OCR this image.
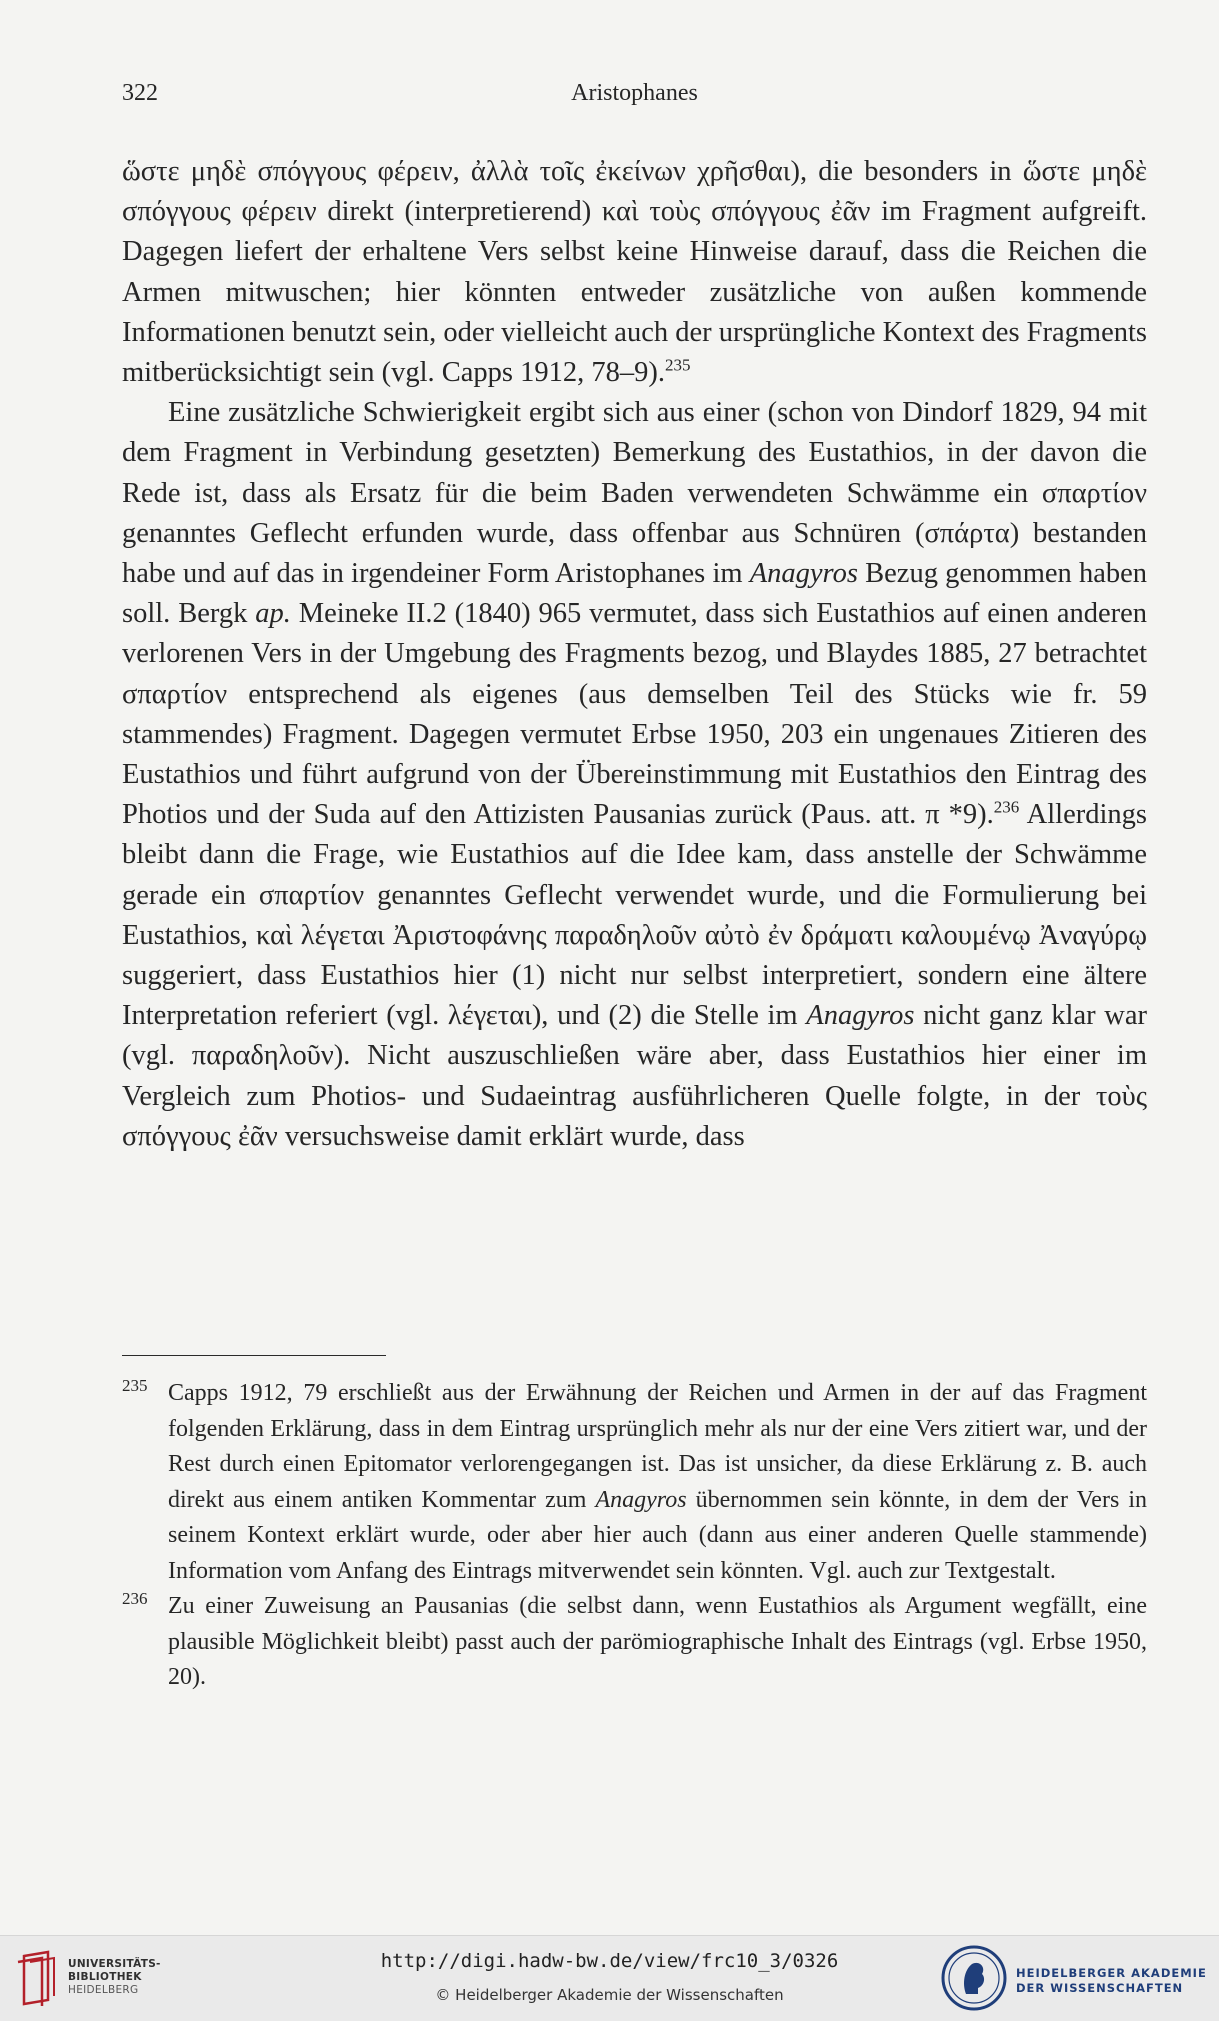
322	Aristophanes

ὥστε μηδὲ σπόγγους φέρειν, ἀλλὰ τοῖς ἐκείνων χρῆσθαι), die besonders in ὥστε μηδὲ σπόγγους φέρειν direkt (interpretierend) καὶ τοὺς σπόγγους ἐᾶν im Fragment aufgreift. Dagegen liefert der erhaltene Vers selbst keine Hinweise darauf, dass die Reichen die Armen mitwuschen; hier könnten entweder zusätzliche von außen kommende Informationen benutzt sein, oder vielleicht auch der ursprüngliche Kontext des Fragments mitberücksichtigt sein (vgl. Capps 1912, 78–9).$^{235}$

Eine zusätzliche Schwierigkeit ergibt sich aus einer (schon von Dindorf 1829, 94 mit dem Fragment in Verbindung gesetzten) Bemerkung des Eustathios, in der davon die Rede ist, dass als Ersatz für die beim Baden verwendeten Schwämme ein σπαρτίον genanntes Geflecht erfunden wurde, dass offenbar aus Schnüren (σπάρτα) bestanden habe und auf das in irgendeiner Form Aristophanes im Anagyros Bezug genommen haben soll. Bergk ap. Meineke II.2 (1840) 965 vermutet, dass sich Eustathios auf einen anderen verlorenen Vers in der Umgebung des Fragments bezog, und Blaydes 1885, 27 betrachtet σπαρτίον entsprechend als eigenes (aus demselben Teil des Stücks wie fr. 59 stammendes) Fragment. Dagegen vermutet Erbse 1950, 203 ein ungenaues Zitieren des Eustathios und führt aufgrund von der Übereinstimmung mit Eustathios den Eintrag des Photios und der Suda auf den Attizisten Pausanias zurück (Paus. att. π *9).$^{236}$ Allerdings bleibt dann die Frage, wie Eustathios auf die Idee kam, dass anstelle der Schwämme gerade ein σπαρτίον genanntes Geflecht verwendet wurde, und die Formulierung bei Eustathios, καὶ λέγεται Ἀριστοφάνης παραδηλοῦν αὐτὸ ἐν δράματι καλουμένῳ Ἀναγύρῳ suggeriert, dass Eustathios hier (1) nicht nur selbst interpretiert, sondern eine ältere Interpretation referiert (vgl. λέγεται), und (2) die Stelle im Anagyros nicht ganz klar war (vgl. παραδηλοῦν). Nicht auszuschließen wäre aber, dass Eustathios hier einer im Vergleich zum Photios- und Sudaeintrag ausführlicheren Quelle folgte, in der τοὺς σπόγγους ἐᾶν versuchsweise damit erklärt wurde, dass

235 Capps 1912, 79 erschließt aus der Erwähnung der Reichen und Armen in der auf das Fragment folgenden Erklärung, dass in dem Eintrag ursprünglich mehr als nur der eine Vers zitiert war, und der Rest durch einen Epitomator verlorengegangen ist. Das ist unsicher, da diese Erklärung z. B. auch direkt aus einem antiken Kommentar zum Anagyros übernommen sein könnte, in dem der Vers in seinem Kontext erklärt wurde, oder aber hier auch (dann aus einer anderen Quelle stammende) Information vom Anfang des Eintrags mitverwendet sein könnten. Vgl. auch zur Textgestalt.
236 Zu einer Zuweisung an Pausanias (die selbst dann, wenn Eustathios als Argument wegfällt, eine plausible Möglichkeit bleibt) passt auch der parömiographische Inhalt des Eintrags (vgl. Erbse 1950, 20).
UNIVERSITÄTS-
BIBLIOTHEK
HEIDELBERG
http://digi.hadw-bw.de/view/frc10_3/0326
© Heidelberger Akademie der Wissenschaften
HEIDELBERGER AKADEMIE
DER WISSENSCHAFTEN
